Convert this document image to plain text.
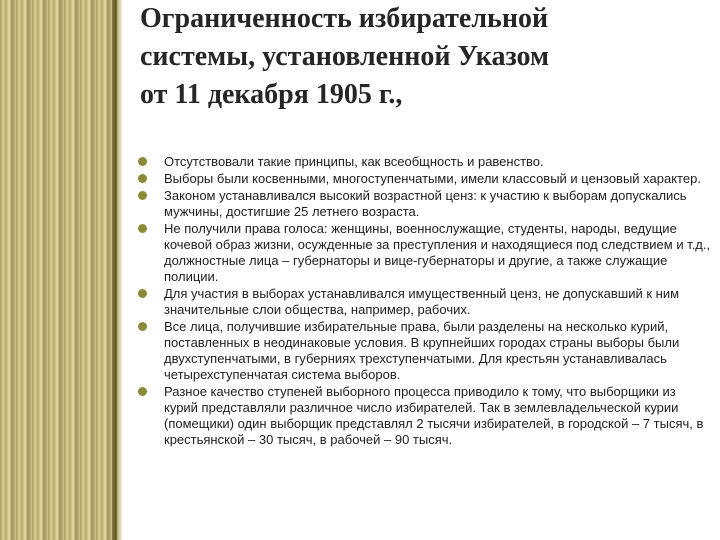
Ограниченность избирательной
системы, установленной Указом
от 11 декабря 1905 г.,
Отсутствовали такие принципы, как всеобщность и равенство.
Выборы были косвенными, многоступенчатыми, имели классовый и цензовый характер.
Законом устанавливался высокий возрастной ценз: к участию к выборам допускались мужчины, достигшие 25 летнего возраста.
Не получили права голоса: женщины, военнослужащие, студенты, народы, ведущие кочевой образ жизни, осужденные за преступления и находящиеся под следствием и т.д., должностные лица – губернаторы и вице-губернаторы и другие, а также служащие полиции.
Для участия в выборах устанавливался имущественный ценз, не допускавший к ним значительные слои общества, например, рабочих.
Все лица, получившие избирательные права, были разделены на несколько курий, поставленных в неодинаковые условия. В крупнейших городах страны выборы были двухступенчатыми, в губерниях трехступенчатыми. Для крестьян устанавливалась четырехступенчатая система выборов.
Разное качество ступеней выборного процесса приводило к тому, что выборщики из курий представляли различное число избирателей. Так в землевладельческой курии (помещики) один выборщик представлял 2 тысячи избирателей, в городской – 7 тысяч, в крестьянской – 30 тысяч, в рабочей – 90 тысяч.
